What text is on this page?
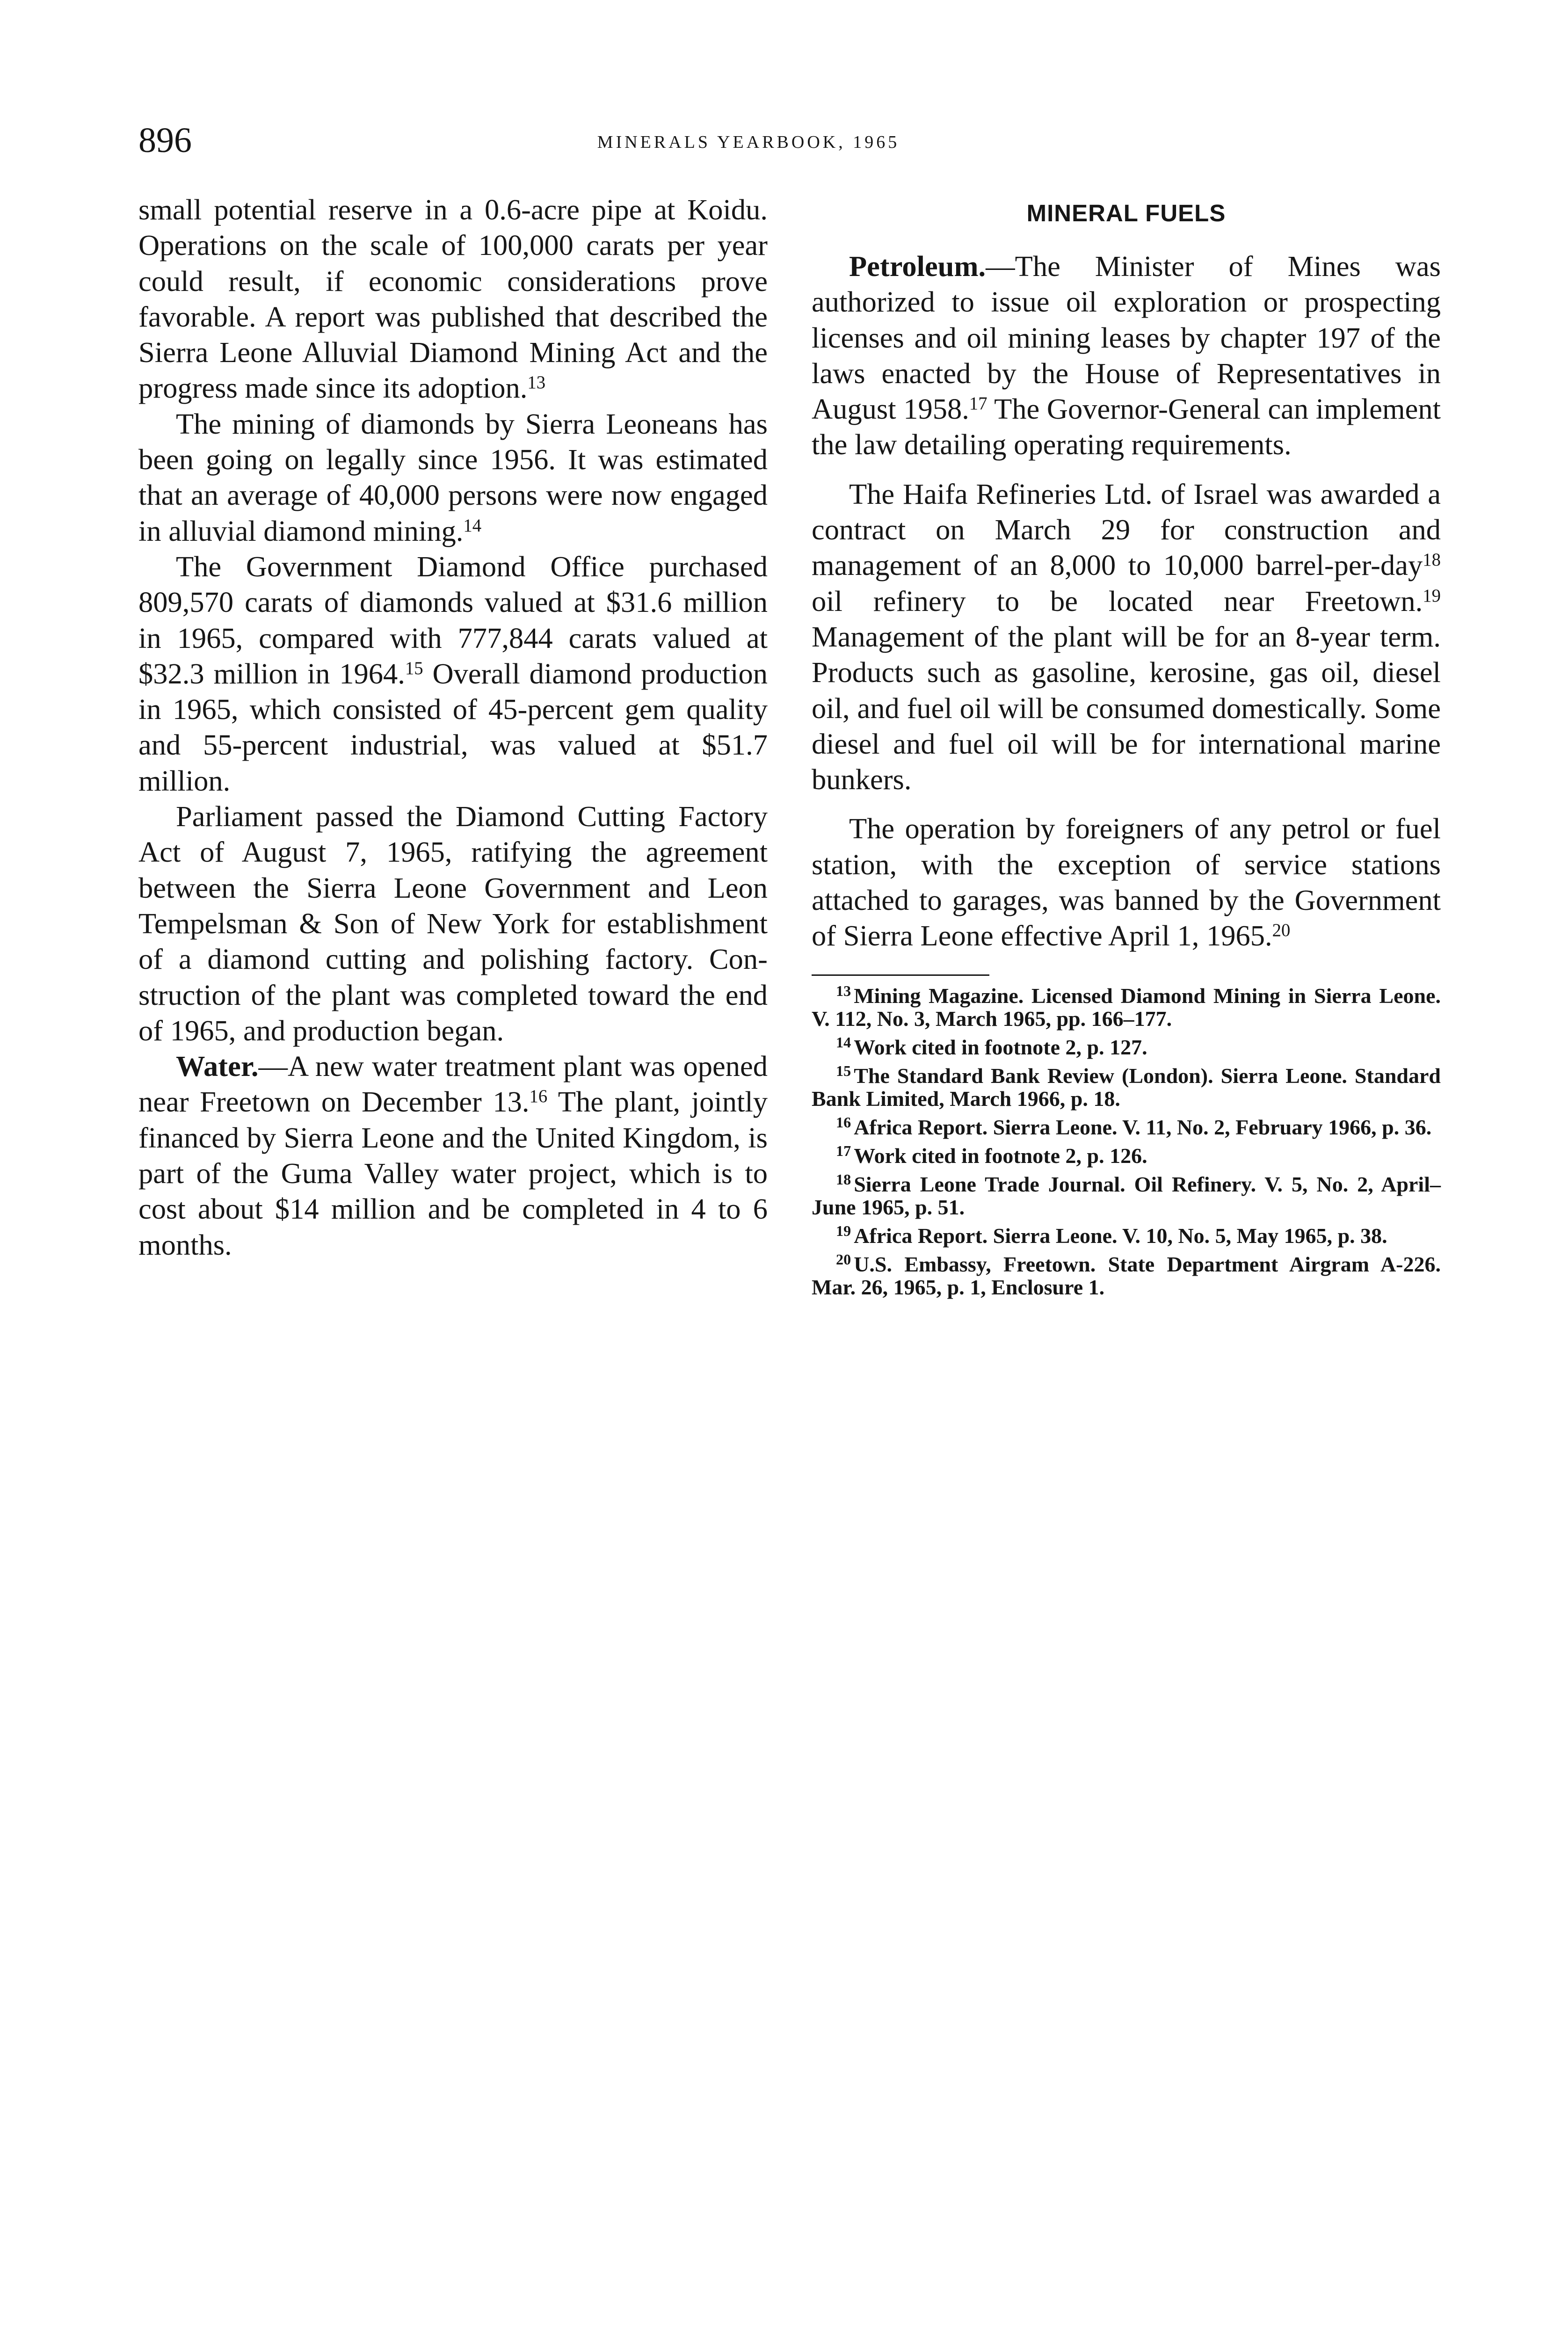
896	MINERALS YEARBOOK, 1965

small potential reserve in a 0.6-acre pipe at Koidu. Operations on the scale of 100,000 carats per year could result, if economic considerations prove favorable. A report was published that described the Sierra Leone Alluvial Diamond Mining Act and the progress made since its adoption.$^{13}$

The mining of diamonds by Sierra Leoneans has been going on legally since 1956. It was estimated that an average of 40,000 persons were now engaged in alluvial diamond mining.$^{14}$

The Government Diamond Office purchased 809,570 carats of diamonds valued at $31.6 million in 1965, compared with 777,844 carats valued at $32.3 million in 1964.15 Overall diamond production in 1965, which consisted of 45-percent gem quality and 55-percent industrial, was valued at $51.7 million.

Parliament passed the Diamond Cutting Factory Act of August 7, 1965, ratifying the agreement between the Sierra Leone Government and Leon Tempelsman & Son of New York for establishment of a diamond cutting and polishing factory. Construction of the plant was completed toward the end of 1965, and production began.

Water.—A new water treatment plant was opened near Freetown on December 13.16 The plant, jointly financed by Sierra Leone and the United Kingdom, is part of the Guma Valley water project, which is to cost about $14 million and be completed in 4 to 6 months.

MINERAL FUELS

Petroleum.—The Minister of Mines was authorized to issue oil exploration or prospecting licenses and oil mining leases by chapter 197 of the laws enacted by the House of Representatives in August 1958.17 The Governor-General can implement the law detailing operating requirements.

The Haifa Refineries Ltd. of Israel was awarded a contract on March 29 for construction and management of an 8,000 to 10,000 barrel-per-day$^{18}$ oil refinery to be located near Freetown.$^{19}$ Management of the plant will be for an 8-year term. Products such as gasoline, kerosine, gas oil, diesel oil, and fuel oil will be consumed domestically. Some diesel and fuel oil will be for international marine bunkers.

The operation by foreigners of any petrol or fuel station, with the exception of service stations attached to garages, was banned by the Government of Sierra Leone effective April 1, 1965.20

$^{13}$ Mining Magazine. Licensed Diamond Mining in Sierra Leone. V. 112, No. 3, March 1965, pp. 166–177.
$^{14}$ Work cited in footnote 2, p. 127.
$^{15}$ The Standard Bank Review (London). Sierra Leone. Standard Bank Limited, March 1966, p. 18.
$^{16}$ Africa Report. Sierra Leone. V. 11, No. 2, February 1966, p. 36.
$^{17}$ Work cited in footnote 2, p. 126.
$^{18}$ Sierra Leone Trade Journal. Oil Refinery. V. 5, No. 2, April–June 1965, p. 51.
$^{19}$ Africa Report. Sierra Leone. V. 10, No. 5, May 1965, p. 38.
$^{20}$ U.S. Embassy, Freetown. State Department Airgram A-226. Mar. 26, 1965, p. 1, Enclosure 1.
